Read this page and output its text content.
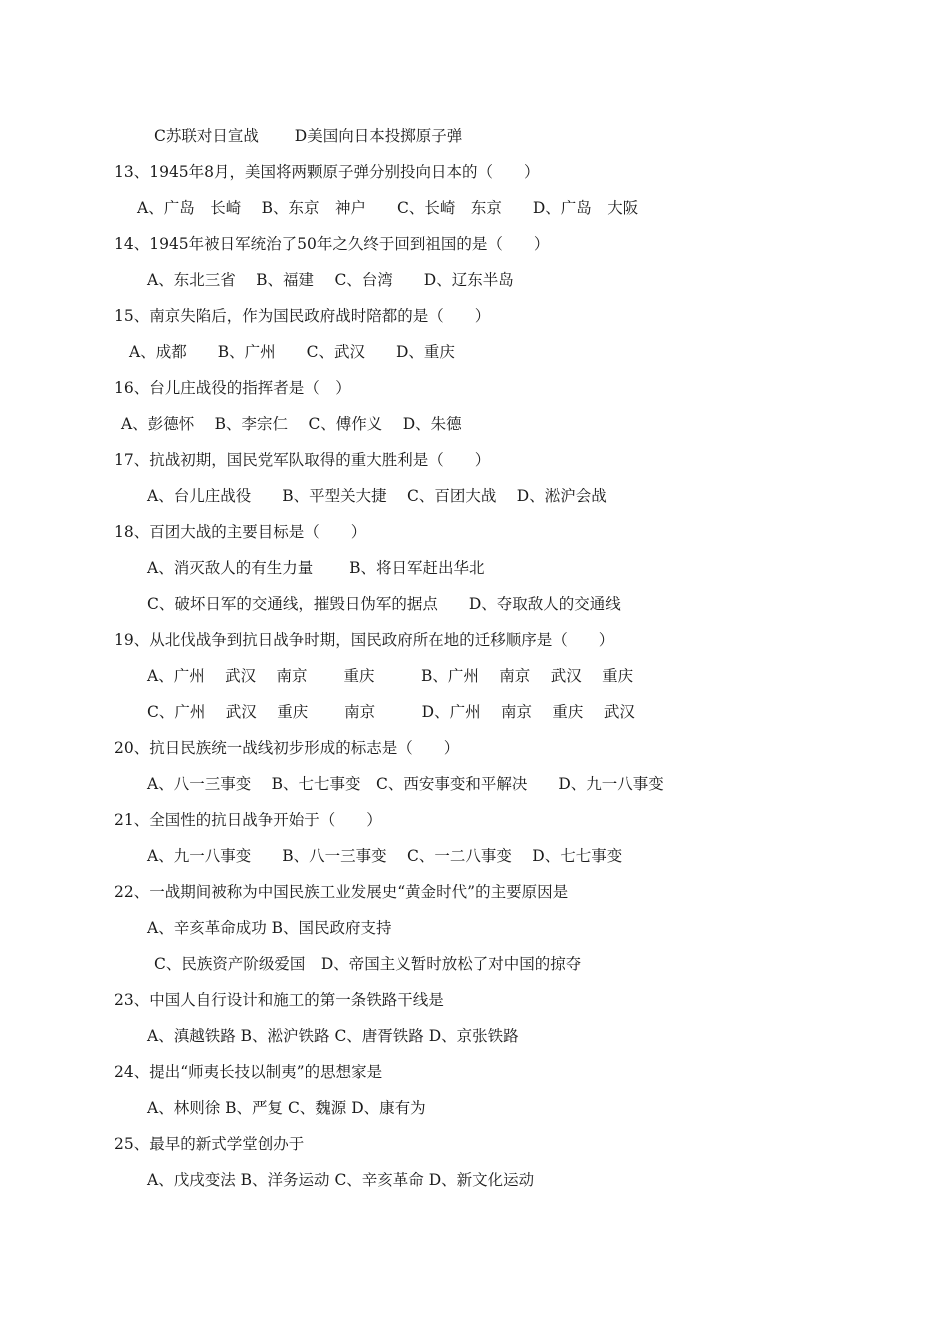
C苏联对日宣战　　 D美国向日本投掷原子弹
13、1945年8月，美国将两颗原子弹分别投向日本的（　　）
A、广岛　长崎　 B、东京　神户　　C、长崎　东京　　D、广岛　大阪
14、1945年被日军统治了50年之久终于回到祖国的是（　　）
A、东北三省　 B、福建　 C、台湾　　D、辽东半岛
15、南京失陷后，作为国民政府战时陪都的是（　　）
A、成都　　B、广州　　C、武汉　　D、重庆
16、台儿庄战役的指挥者是（　）
A、彭德怀　 B、李宗仁　 C、傅作义　 D、朱德
17、抗战初期，国民党军队取得的重大胜利是（　　）
A、台儿庄战役　　B、平型关大捷　 C、百团大战　 D、淞沪会战
18、百团大战的主要目标是（　　）
A、消灭敌人的有生力量　　 B、将日军赶出华北
C、破坏日军的交通线，摧毁日伪军的据点　　D、夺取敌人的交通线
19、从北伐战争到抗日战争时期，国民政府所在地的迁移顺序是（　　）
A、广州　 武汉　 南京　　 重庆　　　B、广州　 南京　 武汉　 重庆
C、广州　 武汉　 重庆　　 南京　　　D、广州　 南京　 重庆　 武汉
20、抗日民族统一战线初步形成的标志是（　　）
A、八一三事变　 B、七七事变　C、西安事变和平解决　　D、九一八事变
21、全国性的抗日战争开始于（　　）
A、九一八事变　　B、八一三事变　 C、一二八事变　 D、七七事变
22、一战期间被称为中国民族工业发展史“黄金时代”的主要原因是
A、辛亥革命成功 B、国民政府支持
C、民族资产阶级爱国　D、帝国主义暂时放松了对中国的掠夺
23、中国人自行设计和施工的第一条铁路干线是
A、滇越铁路 B、淞沪铁路 C、唐胥铁路 D、京张铁路
24、提出“师夷长技以制夷”的思想家是
A、林则徐 B、严复 C、魏源 D、康有为
25、最早的新式学堂创办于
A、戊戌变法 B、洋务运动 C、辛亥革命 D、新文化运动
